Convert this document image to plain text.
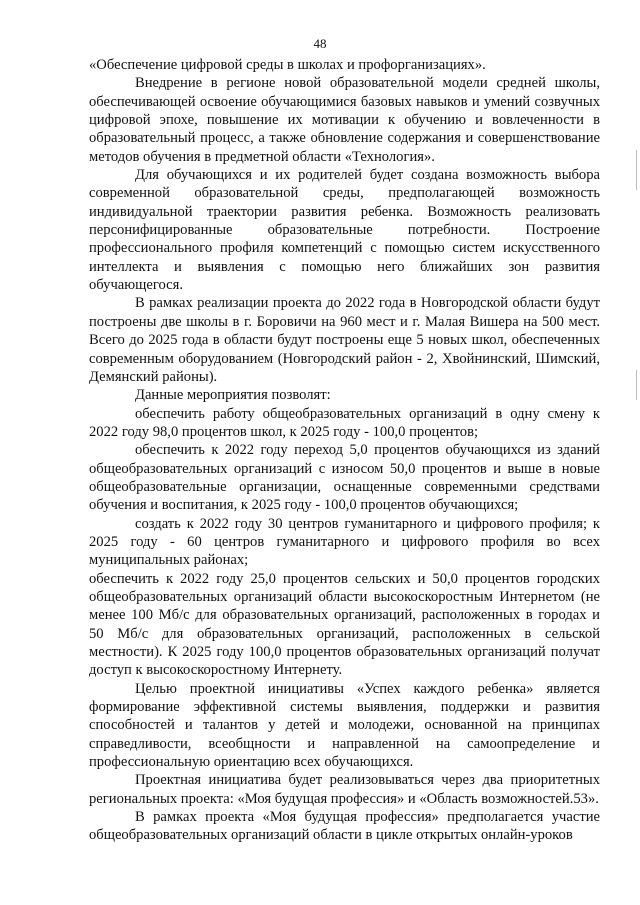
48

«Обеспечение цифровой среды в школах и профорганизациях».

Внедрение в регионе новой образовательной модели средней школы, обеспечивающей освоение обучающимися базовых навыков и умений созвучных цифровой эпохе, повышение их мотивации к обучению и вовлеченности в образовательный процесс, а также обновление содержания и совершенствование методов обучения в предметной области «Технология».

Для обучающихся и их родителей будет создана возможность выбора современной образовательной среды, предполагающей возможность индивидуальной траектории развития ребенка. Возможность реализовать персонифицированные образовательные потребности. Построение профессионального профиля компетенций с помощью систем искусственного интеллекта и выявления с помощью него ближайших зон развития обучающегося.

В рамках реализации проекта до 2022 года в Новгородской области будут построены две школы в г. Боровичи на 960 мест и г. Малая Вишера на 500 мест. Всего до 2025 года в области будут построены еще 5 новых школ, обеспеченных современным оборудованием (Новгородский район - 2, Хвойнинский, Шимский, Демянский районы).

Данные мероприятия позволят:

обеспечить работу общеобразовательных организаций в одну смену к 2022 году 98,0 процентов школ, к 2025 году - 100,0 процентов;

обеспечить к 2022 году переход 5,0 процентов обучающихся из зданий общеобразовательных организаций с износом 50,0 процентов и выше в новые общеобразовательные организации, оснащенные современными средствами обучения и воспитания, к 2025 году - 100,0 процентов обучающихся;

создать к 2022 году 30 центров гуманитарного и цифрового профиля; к 2025 году - 60 центров гуманитарного и цифрового профиля во всех муниципальных районах;

обеспечить к 2022 году 25,0 процентов сельских и 50,0 процентов городских общеобразовательных организаций области высокоскоростным Интернетом (не менее 100 Мб/с для образовательных организаций, расположенных в городах и 50 Мб/с для образовательных организаций, расположенных в сельской местности). К 2025 году 100,0 процентов образовательных организаций получат доступ к высокоскоростному Интернету.

Целью проектной инициативы «Успех каждого ребенка» является формирование эффективной системы выявления, поддержки и развития способностей и талантов у детей и молодежи, основанной на принципах справедливости, всеобщности и направленной на самоопределение и профессиональную ориентацию всех обучающихся.

Проектная инициатива будет реализовываться через два приоритетных региональных проекта: «Моя будущая профессия» и «Область возможностей.53».

В рамках проекта «Моя будущая профессия» предполагается участие общеобразовательных организаций области в цикле открытых онлайн-уроков
